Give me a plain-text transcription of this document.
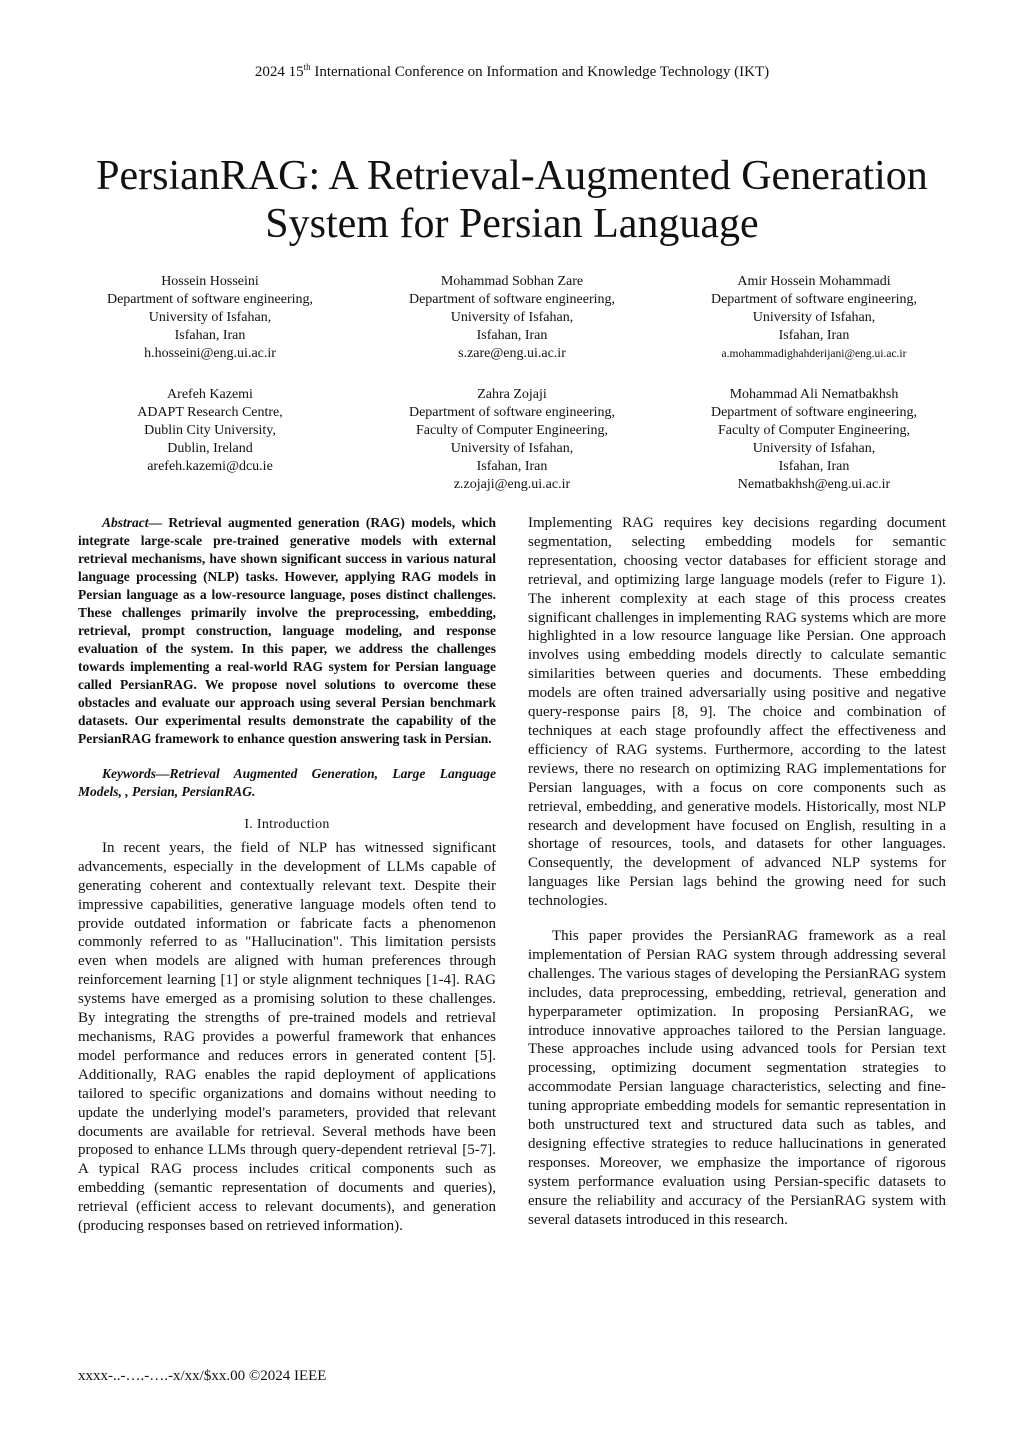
2024 15th International Conference on Information and Knowledge Technology (IKT)
PersianRAG: A Retrieval-Augmented Generation
System for Persian Language
Hossein Hosseini
Department of software engineering,
University of Isfahan,
Isfahan, Iran
h.hosseini@eng.ui.ac.ir
Mohammad Sobhan Zare
Department of software engineering,
University of Isfahan,
Isfahan, Iran
s.zare@eng.ui.ac.ir
Amir Hossein Mohammadi
Department of software engineering,
University of Isfahan,
Isfahan, Iran
a.mohammadighahderijani@eng.ui.ac.ir
Arefeh Kazemi
ADAPT Research Centre,
Dublin City University,
Dublin, Ireland
arefeh.kazemi@dcu.ie
Zahra Zojaji
Department of software engineering,
Faculty of Computer Engineering,
University of Isfahan,
Isfahan, Iran
z.zojaji@eng.ui.ac.ir
Mohammad Ali Nematbakhsh
Department of software engineering,
Faculty of Computer Engineering,
University of Isfahan,
Isfahan, Iran
Nematbakhsh@eng.ui.ac.ir

Abstract— Retrieval augmented generation (RAG) models, which integrate large-scale pre-trained generative models with external retrieval mechanisms, have shown significant success in various natural language processing (NLP) tasks. However, applying RAG models in Persian language as a low-resource language, poses distinct challenges. These challenges primarily involve the preprocessing, embedding, retrieval, prompt construction, language modeling, and response evaluation of the system. In this paper, we address the challenges towards implementing a real-world RAG system for Persian language called PersianRAG. We propose novel solutions to overcome these obstacles and evaluate our approach using several Persian benchmark datasets. Our experimental results demonstrate the capability of the PersianRAG framework to enhance question answering task in Persian.

Keywords—Retrieval Augmented Generation, Large Language Models, , Persian, PersianRAG.

I. Introduction

In recent years, the field of NLP has witnessed significant advancements, especially in the development of LLMs capable of generating coherent and contextually relevant text. Despite their impressive capabilities, generative language models often tend to provide outdated information or fabricate facts a phenomenon commonly referred to as "Hallucination". This limitation persists even when models are aligned with human preferences through reinforcement learning [1] or style alignment techniques [1-4]. RAG systems have emerged as a promising solution to these challenges. By integrating the strengths of pre-trained models and retrieval mechanisms, RAG provides a powerful framework that enhances model performance and reduces errors in generated content [5]. Additionally, RAG enables the rapid deployment of applications tailored to specific organizations and domains without needing to update the underlying model's parameters, provided that relevant documents are available for retrieval. Several methods have been proposed to enhance LLMs through query-dependent retrieval [5-7]. A typical RAG process includes critical components such as embedding (semantic representation of documents and queries), retrieval (efficient access to relevant documents), and generation (producing responses based on retrieved information).

Implementing RAG requires key decisions regarding document segmentation, selecting embedding models for semantic representation, choosing vector databases for efficient storage and retrieval, and optimizing large language models (refer to Figure 1). The inherent complexity at each stage of this process creates significant challenges in implementing RAG systems which are more highlighted in a low resource language like Persian. One approach involves using embedding models directly to calculate semantic similarities between queries and documents. These embedding models are often trained adversarially using positive and negative query-response pairs [8, 9]. The choice and combination of techniques at each stage profoundly affect the effectiveness and efficiency of RAG systems. Furthermore, according to the latest reviews, there no research on optimizing RAG implementations for Persian languages, with a focus on core components such as retrieval, embedding, and generative models. Historically, most NLP research and development have focused on English, resulting in a shortage of resources, tools, and datasets for other languages. Consequently, the development of advanced NLP systems for languages like Persian lags behind the growing need for such technologies.

This paper provides the PersianRAG framework as a real implementation of Persian RAG system through addressing several challenges. The various stages of developing the PersianRAG system includes, data preprocessing, embedding, retrieval, generation and hyperparameter optimization. In proposing PersianRAG, we introduce innovative approaches tailored to the Persian language. These approaches include using advanced tools for Persian text processing, optimizing document segmentation strategies to accommodate Persian language characteristics, selecting and fine-tuning appropriate embedding models for semantic representation in both unstructured text and structured data such as tables, and designing effective strategies to reduce hallucinations in generated responses. Moreover, we emphasize the importance of rigorous system performance evaluation using Persian-specific datasets to ensure the reliability and accuracy of the PersianRAG system with several datasets introduced in this research.

xxxx-..-….-….-x/xx/$xx.00 ©2024 IEEE
